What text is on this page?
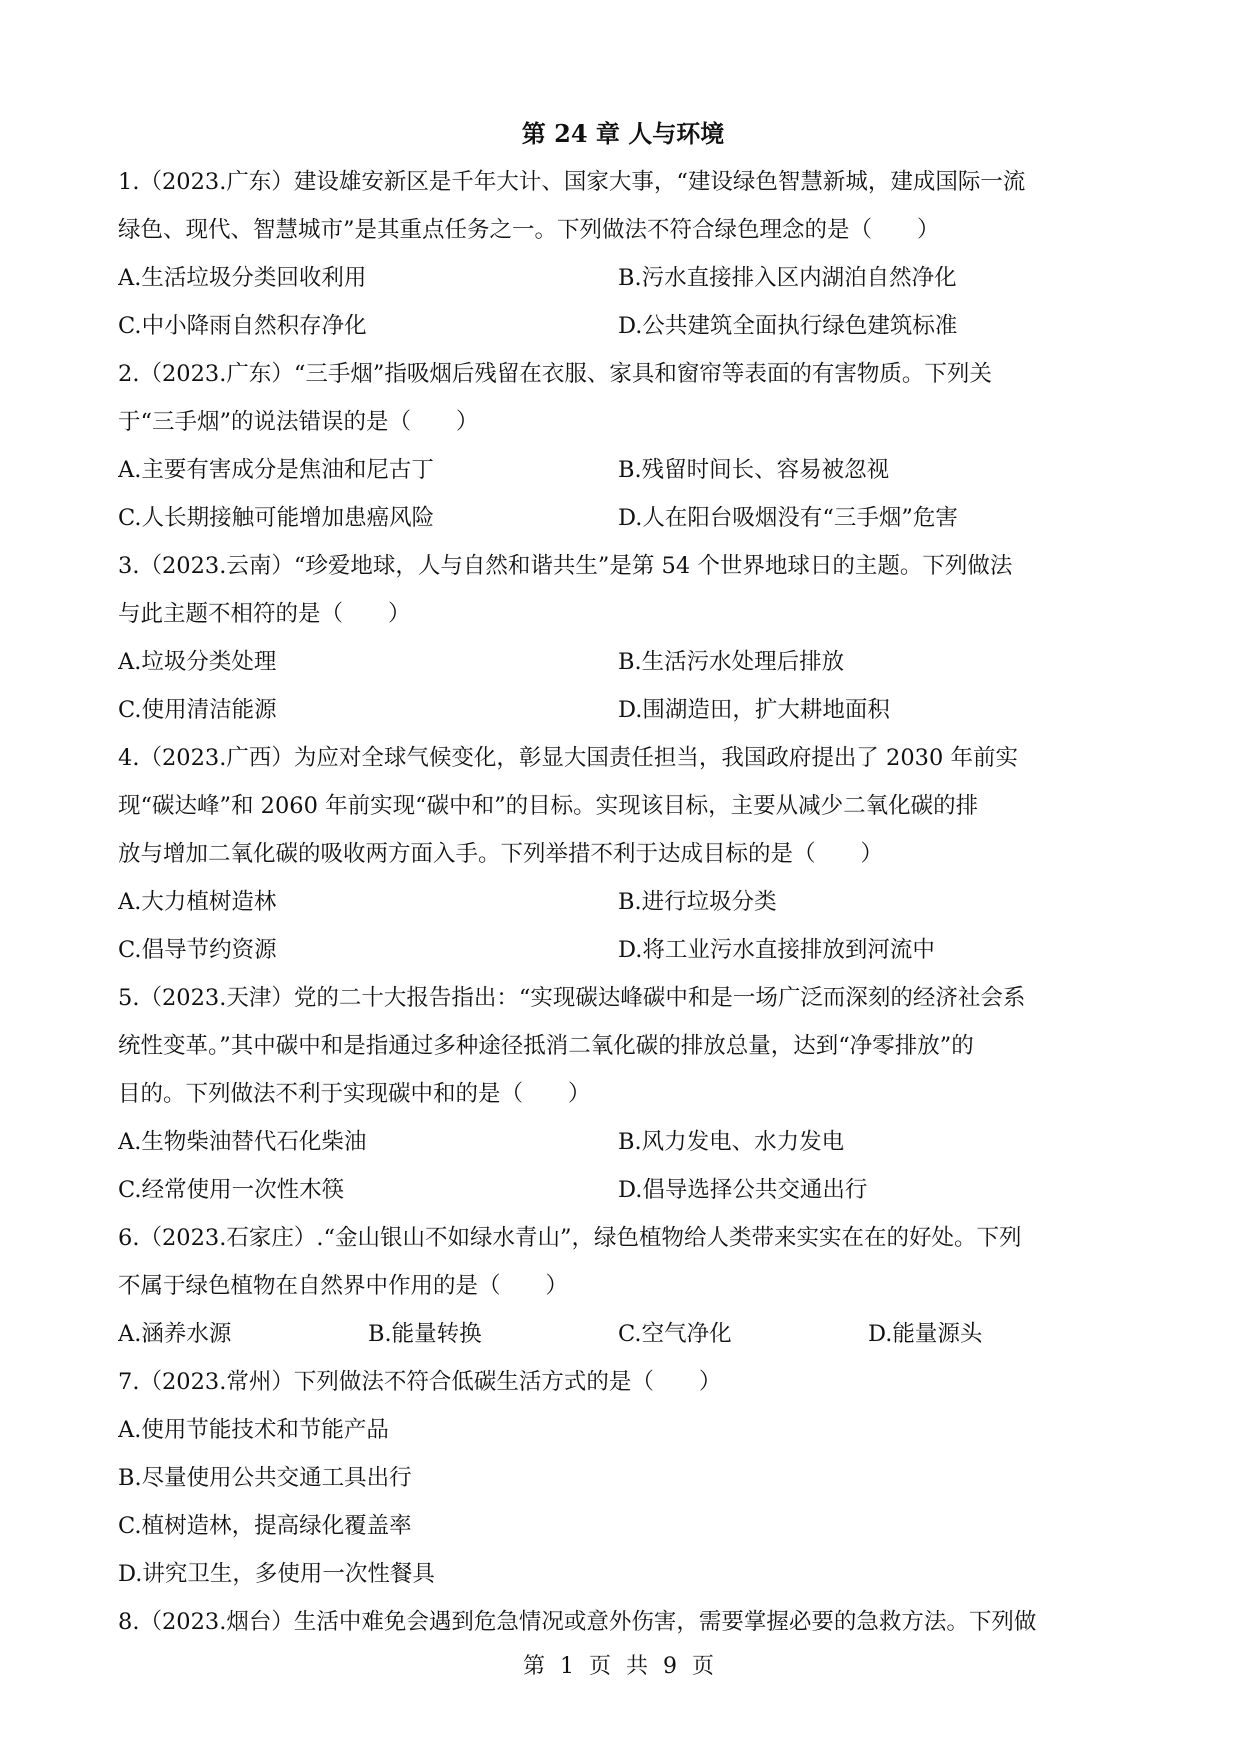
第 24 章 人与环境
1.（2023.广东）建设雄安新区是千年大计、国家大事，“建设绿色智慧新城，建成国际一流
绿色、现代、智慧城市”是其重点任务之一。下列做法不符合绿色理念的是（　　）
A.生活垃圾分类回收利用	B.污水直接排入区内湖泊自然净化
C.中小降雨自然积存净化	D.公共建筑全面执行绿色建筑标准
2.（2023.广东）“三手烟”指吸烟后残留在衣服、家具和窗帘等表面的有害物质。下列关
于“三手烟”的说法错误的是（　　）
A.主要有害成分是焦油和尼古丁	B.残留时间长、容易被忽视
C.人长期接触可能增加患癌风险	D.人在阳台吸烟没有“三手烟”危害
3.（2023.云南）“珍爱地球，人与自然和谐共生”是第 54 个世界地球日的主题。下列做法
与此主题不相符的是（　　）
A.垃圾分类处理	B.生活污水处理后排放
C.使用清洁能源	D.围湖造田，扩大耕地面积
4.（2023.广西）为应对全球气候变化，彰显大国责任担当，我国政府提出了 2030 年前实
现“碳达峰”和 2060 年前实现“碳中和”的目标。实现该目标，主要从减少二氧化碳的排
放与增加二氧化碳的吸收两方面入手。下列举措不利于达成目标的是（　　）
A.大力植树造林	B.进行垃圾分类
C.倡导节约资源	D.将工业污水直接排放到河流中
5.（2023.天津）党的二十大报告指出：“实现碳达峰碳中和是一场广泛而深刻的经济社会系
统性变革。”其中碳中和是指通过多种途径抵消二氧化碳的排放总量，达到“净零排放”的
目的。下列做法不利于实现碳中和的是（　　）
A.生物柴油替代石化柴油	B.风力发电、水力发电
C.经常使用一次性木筷	D.倡导选择公共交通出行
6.（2023.石家庄）.“金山银山不如绿水青山”，绿色植物给人类带来实实在在的好处。下列
不属于绿色植物在自然界中作用的是（　　）
A.涵养水源	B.能量转换	C.空气净化	D.能量源头
7.（2023.常州）下列做法不符合低碳生活方式的是（　　）
A.使用节能技术和节能产品
B.尽量使用公共交通工具出行
C.植树造林，提高绿化覆盖率
D.讲究卫生，多使用一次性餐具
8.（2023.烟台）生活中难免会遇到危急情况或意外伤害，需要掌握必要的急救方法。下列做
第 1 页 共 9 页
